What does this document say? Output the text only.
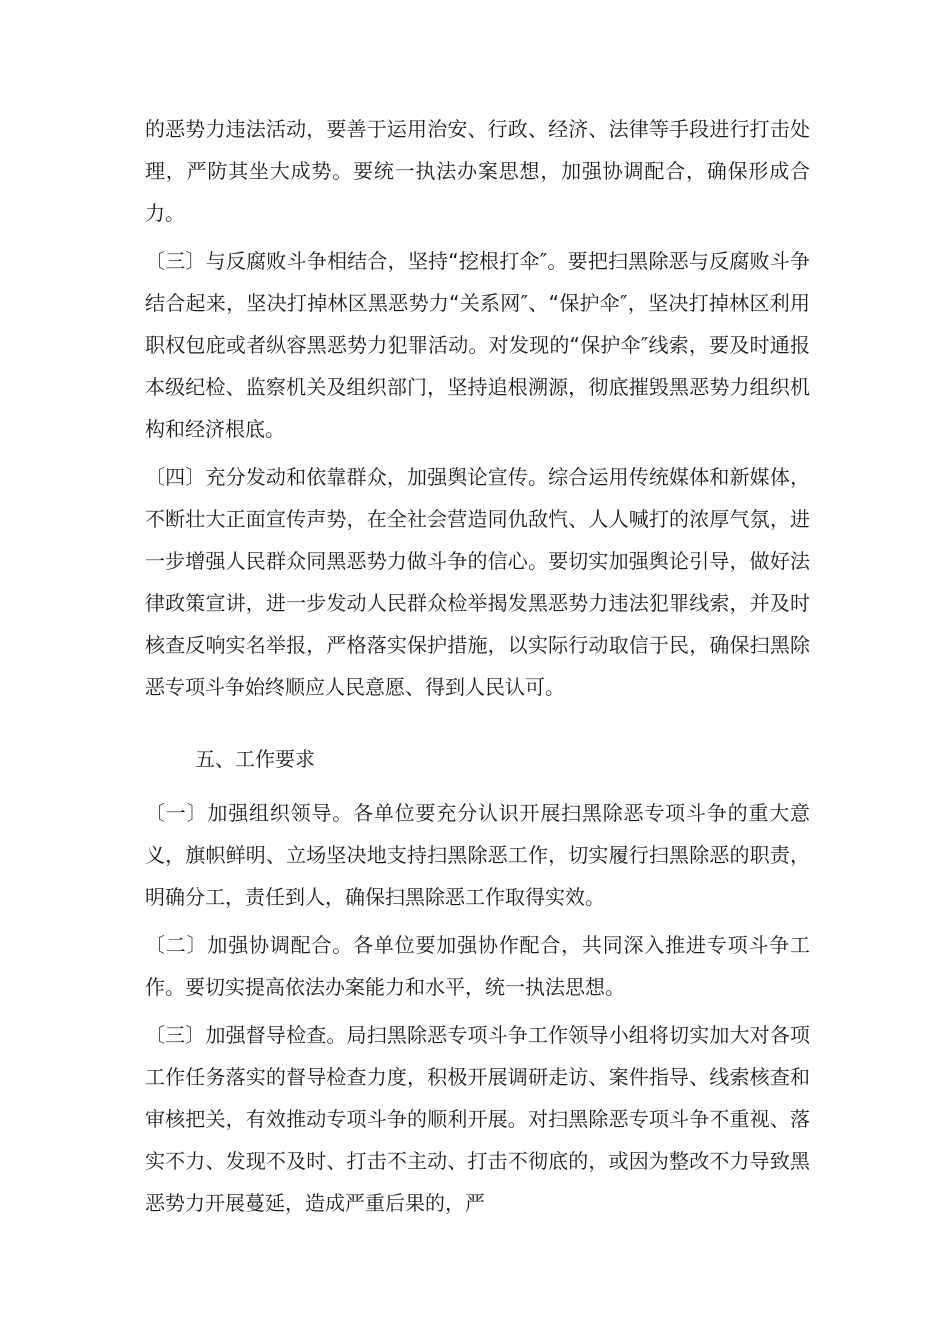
的恶势力违法活动，要善于运用治安、行政、经济、法律等手段进行打击处理，严防其坐大成势。要统一执法办案思想，加强协调配合，确保形成合力。

〔三〕与反腐败斗争相结合，坚持“挖根打伞″。要把扫黑除恶与反腐败斗争结合起来，坚决打掉林区黑恶势力“关系网″、“保护伞″，坚决打掉林区利用职权包庇或者纵容黑恶势力犯罪活动。对发现的“保护伞″线索，要及时通报本级纪检、监察机关及组织部门，坚持追根溯源，彻底摧毁黑恶势力组织机构和经济根底。

〔四〕充分发动和依靠群众，加强舆论宣传。综合运用传统媒体和新媒体，不断壮大正面宣传声势，在全社会营造同仇敌忾、人人喊打的浓厚气氛，进一步增强人民群众同黑恶势力做斗争的信心。要切实加强舆论引导，做好法律政策宣讲，进一步发动人民群众检举揭发黑恶势力违法犯罪线索，并及时核查反响实名举报，严格落实保护措施，以实际行动取信于民，确保扫黑除恶专项斗争始终顺应人民意愿、得到人民认可。

五、工作要求

〔一〕加强组织领导。各单位要充分认识开展扫黑除恶专项斗争的重大意义，旗帜鲜明、立场坚决地支持扫黑除恶工作，切实履行扫黑除恶的职责，明确分工，责任到人，确保扫黑除恶工作取得实效。

〔二〕加强协调配合。各单位要加强协作配合，共同深入推进专项斗争工作。要切实提高依法办案能力和水平，统一执法思想。

〔三〕加强督导检查。局扫黑除恶专项斗争工作领导小组将切实加大对各项工作任务落实的督导检查力度，积极开展调研走访、案件指导、线索核查和审核把关，有效推动专项斗争的顺利开展。对扫黑除恶专项斗争不重视、落实不力、发现不及时、打击不主动、打击不彻底的，或因为整改不力导致黑恶势力开展蔓延，造成严重后果的，严
